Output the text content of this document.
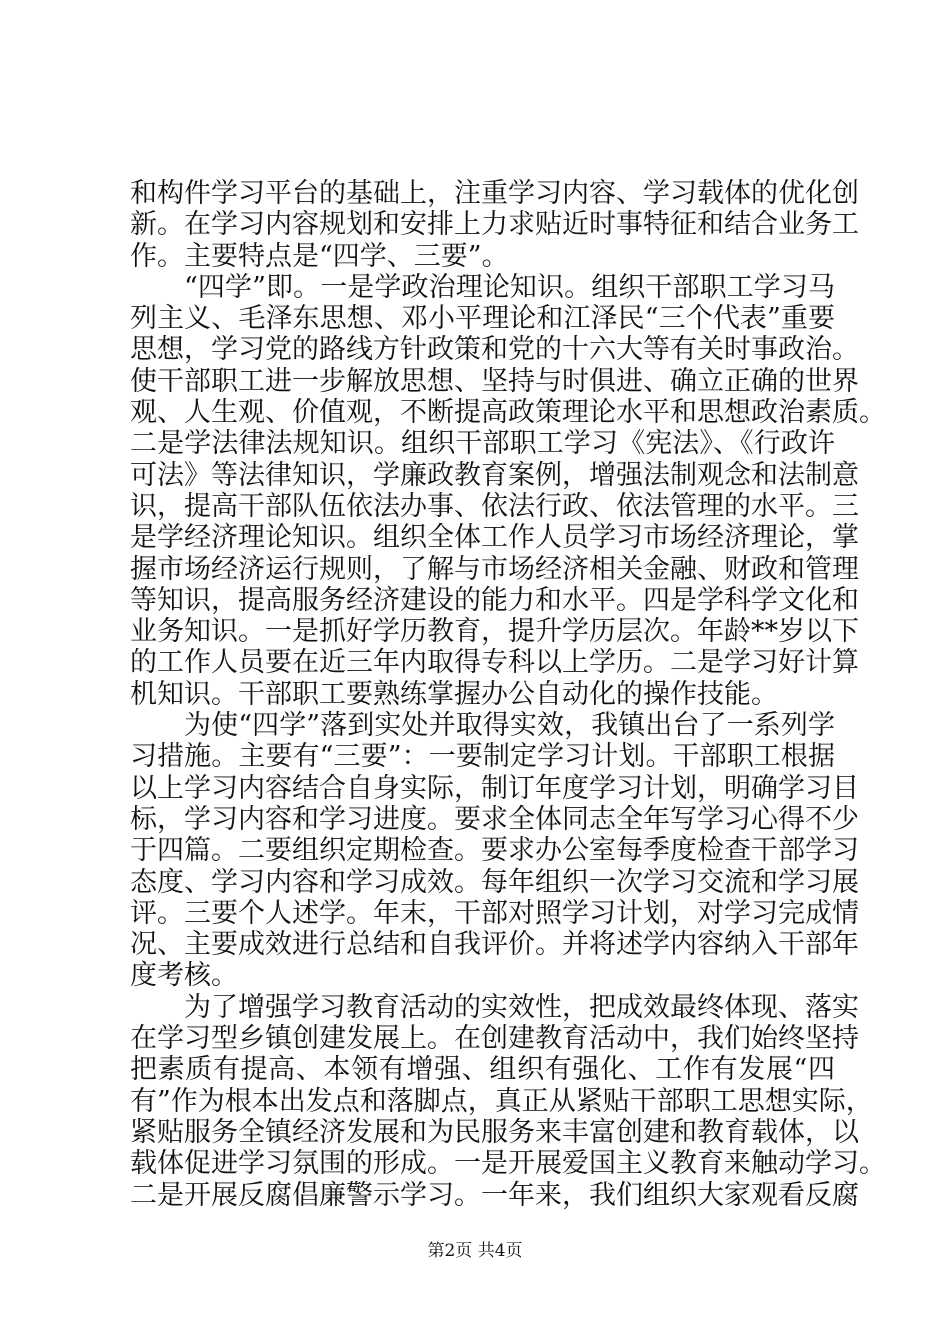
和构件学习平台的基础上，注重学习内容、学习载体的优化创
新。在学习内容规划和安排上力求贴近时事特征和结合业务工
作。主要特点是“四学、三要”。
“四学”即。一是学政治理论知识。组织干部职工学习马
列主义、毛泽东思想、邓小平理论和江泽民“三个代表”重要
思想，学习党的路线方针政策和党的十六大等有关时事政治。
使干部职工进一步解放思想、坚持与时俱进、确立正确的世界
观、人生观、价值观，不断提高政策理论水平和思想政治素质。
二是学法律法规知识。组织干部职工学习《宪法》、《行政许
可法》等法律知识，学廉政教育案例，增强法制观念和法制意
识，提高干部队伍依法办事、依法行政、依法管理的水平。三
是学经济理论知识。组织全体工作人员学习市场经济理论，掌
握市场经济运行规则，了解与市场经济相关金融、财政和管理
等知识，提高服务经济建设的能力和水平。四是学科学文化和
业务知识。一是抓好学历教育，提升学历层次。年龄**岁以下
的工作人员要在近三年内取得专科以上学历。二是学习好计算
机知识。干部职工要熟练掌握办公自动化的操作技能。
为使“四学”落到实处并取得实效，我镇出台了一系列学
习措施。主要有“三要”：一要制定学习计划。干部职工根据
以上学习内容结合自身实际，制订年度学习计划，明确学习目
标，学习内容和学习进度。要求全体同志全年写学习心得不少
于四篇。二要组织定期检查。要求办公室每季度检查干部学习
态度、学习内容和学习成效。每年组织一次学习交流和学习展
评。三要个人述学。年末，干部对照学习计划，对学习完成情
况、主要成效进行总结和自我评价。并将述学内容纳入干部年
度考核。
为了增强学习教育活动的实效性，把成效最终体现、落实
在学习型乡镇创建发展上。在创建教育活动中，我们始终坚持
把素质有提高、本领有增强、组织有强化、工作有发展“四
有”作为根本出发点和落脚点，真正从紧贴干部职工思想实际，
紧贴服务全镇经济发展和为民服务来丰富创建和教育载体，以
载体促进学习氛围的形成。一是开展爱国主义教育来触动学习。
二是开展反腐倡廉警示学习。一年来，我们组织大家观看反腐
第2页 共4页
